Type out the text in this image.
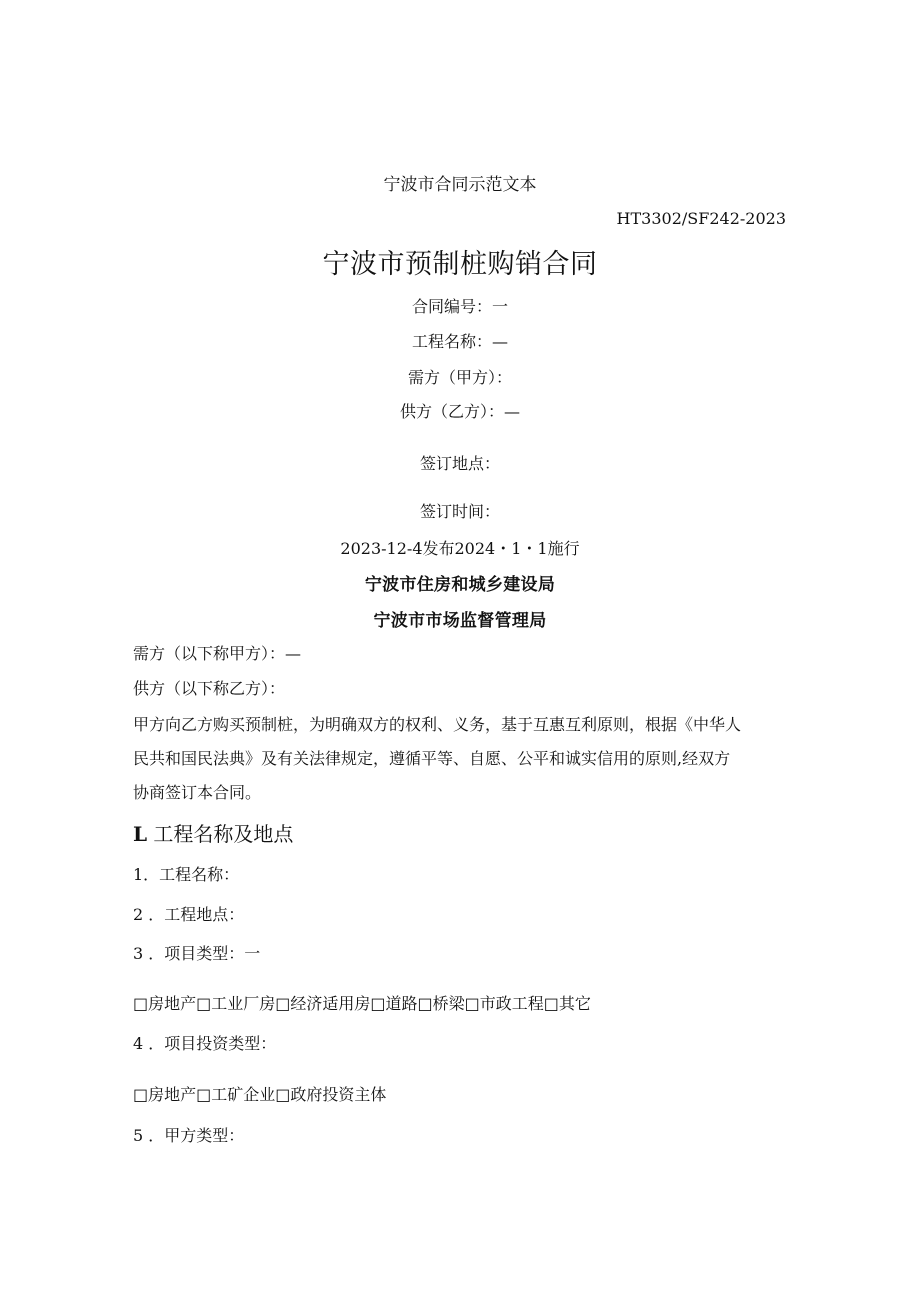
宁波市合同示范文本
HT3302/SF242-2023
宁波市预制桩购销合同
合同编号：一
工程名称：—
需方（甲方）：
供方（乙方）：—
签订地点：
签订时间：
2023-12-4发布2024・1・1施行
宁波市住房和城乡建设局
宁波市市场监督管理局
需方（以下称甲方）：—
供方（以下称乙方）：
甲方向乙方购买预制桩，为明确双方的权利、义务，基于互惠互利原则，根据《中华人
民共和国民法典》及有关法律规定，遵循平等、自愿、公平和诚实信用的原则,经双方
协商签订本合同。
L 工程名称及地点
1．工程名称：
2 ．工程地点：
3 ．项目类型：一
□房地产□工业厂房□经济适用房□道路□桥梁□市政工程□其它
4 ．项目投资类型：
□房地产□工矿企业□政府投资主体
5 ．甲方类型：
